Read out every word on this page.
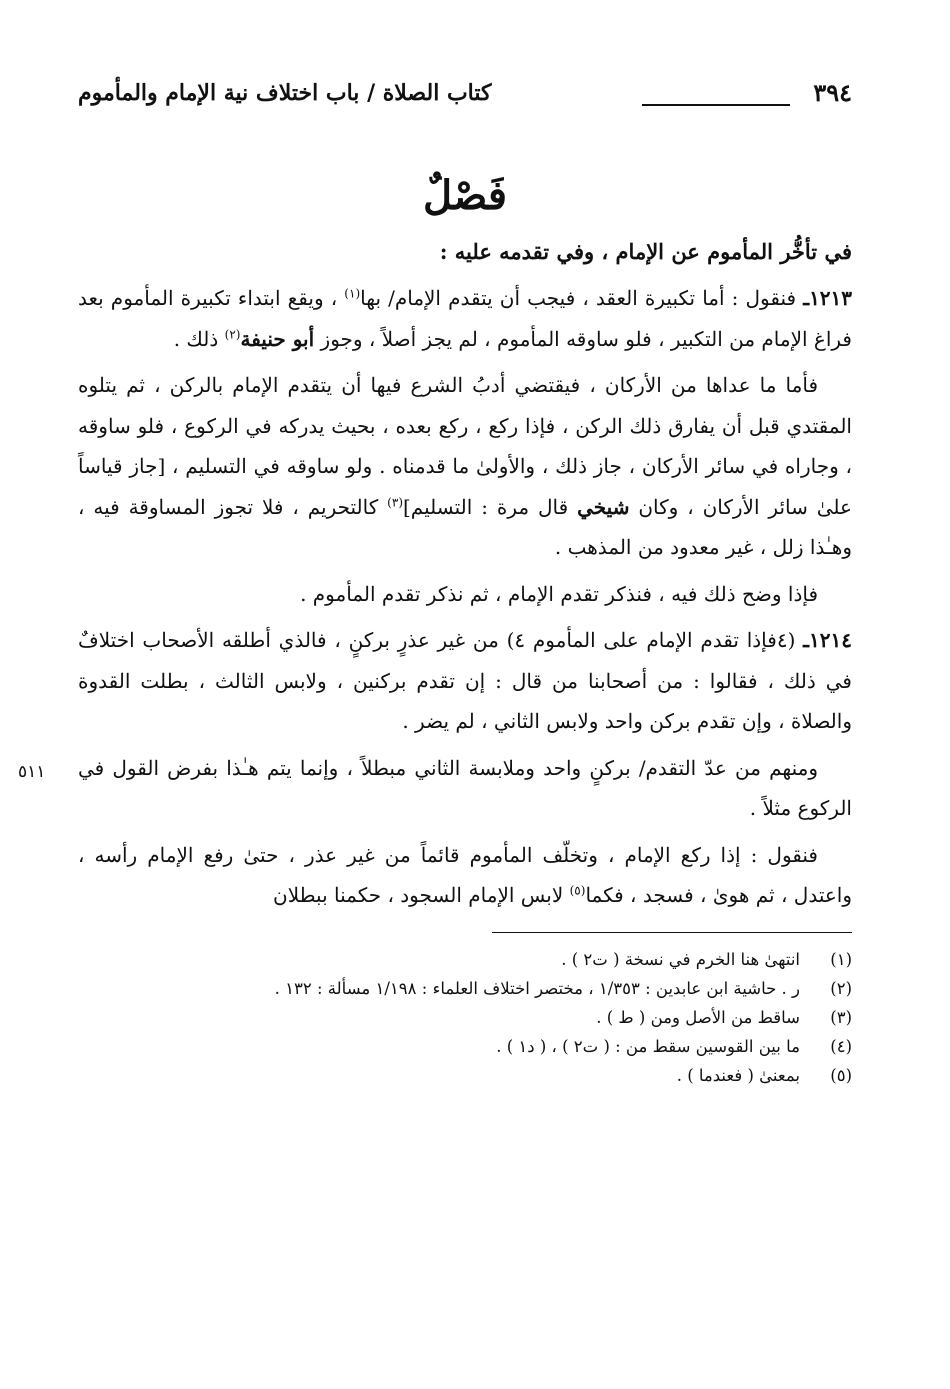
٣٩٤
كتاب الصلاة / باب اختلاف نية الإمام والمأموم
فَصْلٌ
في تأخُّر المأموم عن الإمام ، وفي تقدمه عليه :

١٢١٣ـ فنقول : أما تكبيرة العقد ، فيجب أن يتقدم الإمام/ بها$^{(١)}$ ، ويقع ابتداء تكبيرة المأموم بعد فراغ الإمام من التكبير ، فلو ساوقه المأموم ، لم يجز أصلاً ، وجوز أبو حنيفة$^{(٢)}$ ذلك .

فأما ما عداها من الأركان ، فيقتضي أدبُ الشرع فيها أن يتقدم الإمام بالركن ، ثم يتلوه المقتدي قبل أن يفارق ذلك الركن ، فإذا ركع ، ركع بعده ، بحيث يدركه في الركوع ، فلو ساوقه ، وجاراه في سائر الأركان ، جاز ذلك ، والأولىٰ ما قدمناه . ولو ساوقه في التسليم ، [جاز قياساً علىٰ سائر الأركان ، وكان شيخي قال مرة : التسليم]$^{(٣)}$ كالتحريم ، فلا تجوز المساوقة فيه ، وهـٰذا زلل ، غير معدود من المذهب .

فإذا وضح ذلك فيه ، فنذكر تقدم الإمام ، ثم نذكر تقدم المأموم .

١٢١٤ـ (٤فإذا تقدم الإمام على المأموم ٤) من غير عذرٍ بركنٍ ، فالذي أطلقه الأصحاب اختلافٌ في ذلك ، فقالوا : من أصحابنا من قال : إن تقدم بركنين ، ولابس الثالث ، بطلت القدوة والصلاة ، وإن تقدم بركن واحد ولابس الثاني ، لم يضر .

٥١١	ومنهم من عدّ التقدم/ بركنٍ واحد وملابسة الثاني مبطلاً ، وإنما يتم هـٰذا بفرض القول في الركوع مثلاً .

فنقول : إذا ركع الإمام ، وتخلّف المأموم قائماً من غير عذر ، حتىٰ رفع الإمام رأسه ، واعتدل ، ثم هوىٰ ، فسجد ، فكما$^{(٥)}$ لابس الإمام السجود ، حكمنا ببطلان

(١)
انتهىٰ هنا الخرم في نسخة ( ت٢ ) .
(٢)
ر . حاشية ابن عابدين : ١/٣٥٣ ، مختصر اختلاف العلماء : ١/١٩٨ مسألة : ١٣٢ .
(٣)
ساقط من الأصل ومن ( ط ) .
(٤)
ما بين القوسين سقط من : ( ت٢ ) ، ( د١ ) .
(٥)
بمعنىٰ ( فعندما ) .
